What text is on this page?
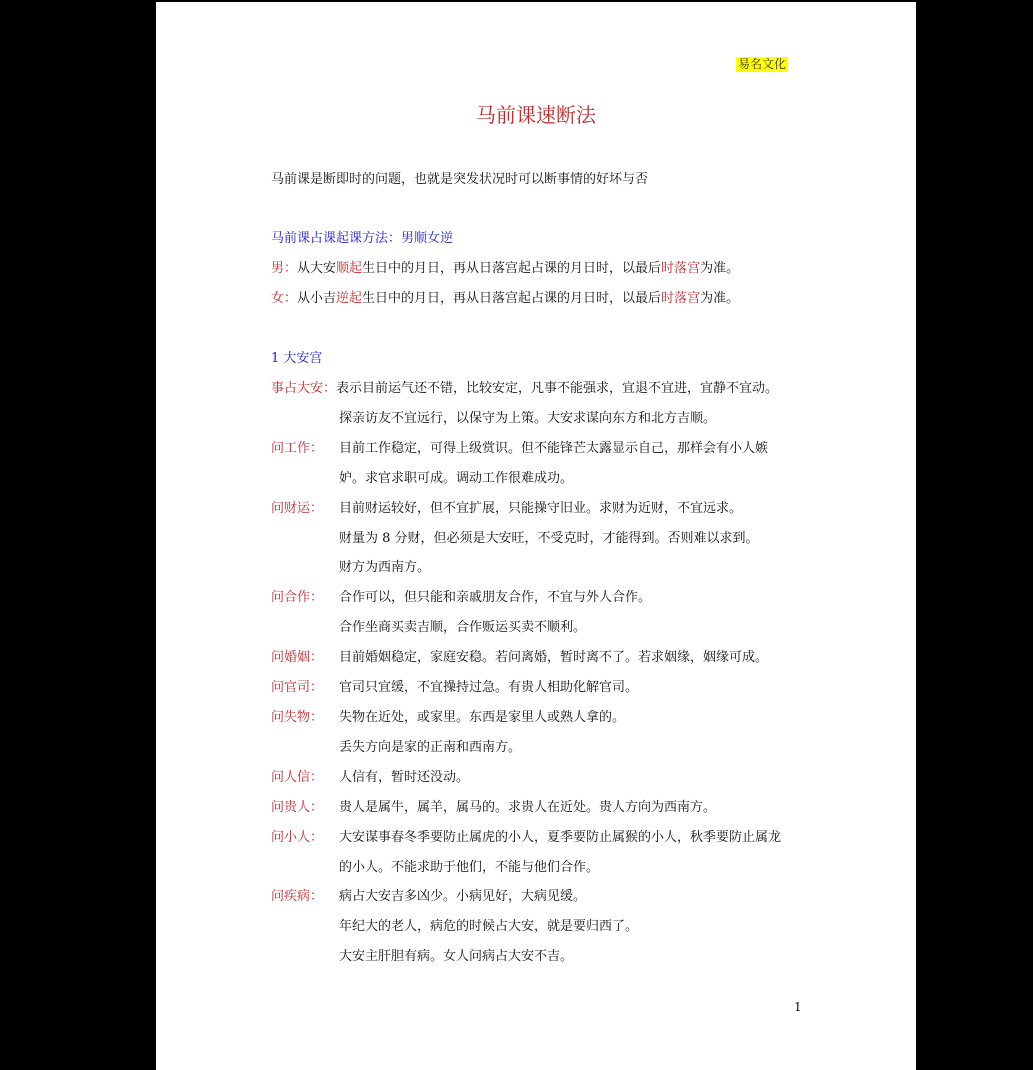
易名文化
马前课速断法
马前课是断即时的问题，也就是突发状况时可以断事情的好坏与否
马前课占课起课方法：男顺女逆
男：从大安顺起生日中的月日，再从日落宫起占课的月日时，以最后时落宫为准。
女：从小吉逆起生日中的月日，再从日落宫起占课的月日时，以最后时落宫为准。
1 大安宫
事占大安：表示目前运气还不错，比较安定，凡事不能强求，宜退不宜进，宜静不宜动。
探亲访友不宜远行，以保守为上策。大安求谋向东方和北方吉顺。
问工作： 目前工作稳定，可得上级赏识。但不能锋芒太露显示自己，那样会有小人嫉
妒。求官求职可成。调动工作很难成功。
问财运： 目前财运较好，但不宜扩展，只能操守旧业。求财为近财，不宜远求。
财量为 8 分财，但必须是大安旺，不受克时，才能得到。否则难以求到。
财方为西南方。
问合作： 合作可以，但只能和亲戚朋友合作，不宜与外人合作。
合作坐商买卖吉顺，合作贩运买卖不顺利。
问婚姻： 目前婚姻稳定，家庭安稳。若问离婚，暂时离不了。若求姻缘，姻缘可成。
问官司： 官司只宜缓，不宜操持过急。有贵人相助化解官司。
问失物： 失物在近处，或家里。东西是家里人或熟人拿的。
丢失方向是家的正南和西南方。
问人信： 人信有，暂时还没动。
问贵人： 贵人是属牛，属羊，属马的。求贵人在近处。贵人方向为西南方。
问小人： 大安谋事春冬季要防止属虎的小人，夏季要防止属猴的小人，秋季要防止属龙
的小人。不能求助于他们，不能与他们合作。
问疾病： 病占大安吉多凶少。小病见好，大病见缓。
年纪大的老人，病危的时候占大安，就是要归西了。
大安主肝胆有病。女人问病占大安不吉。
1
